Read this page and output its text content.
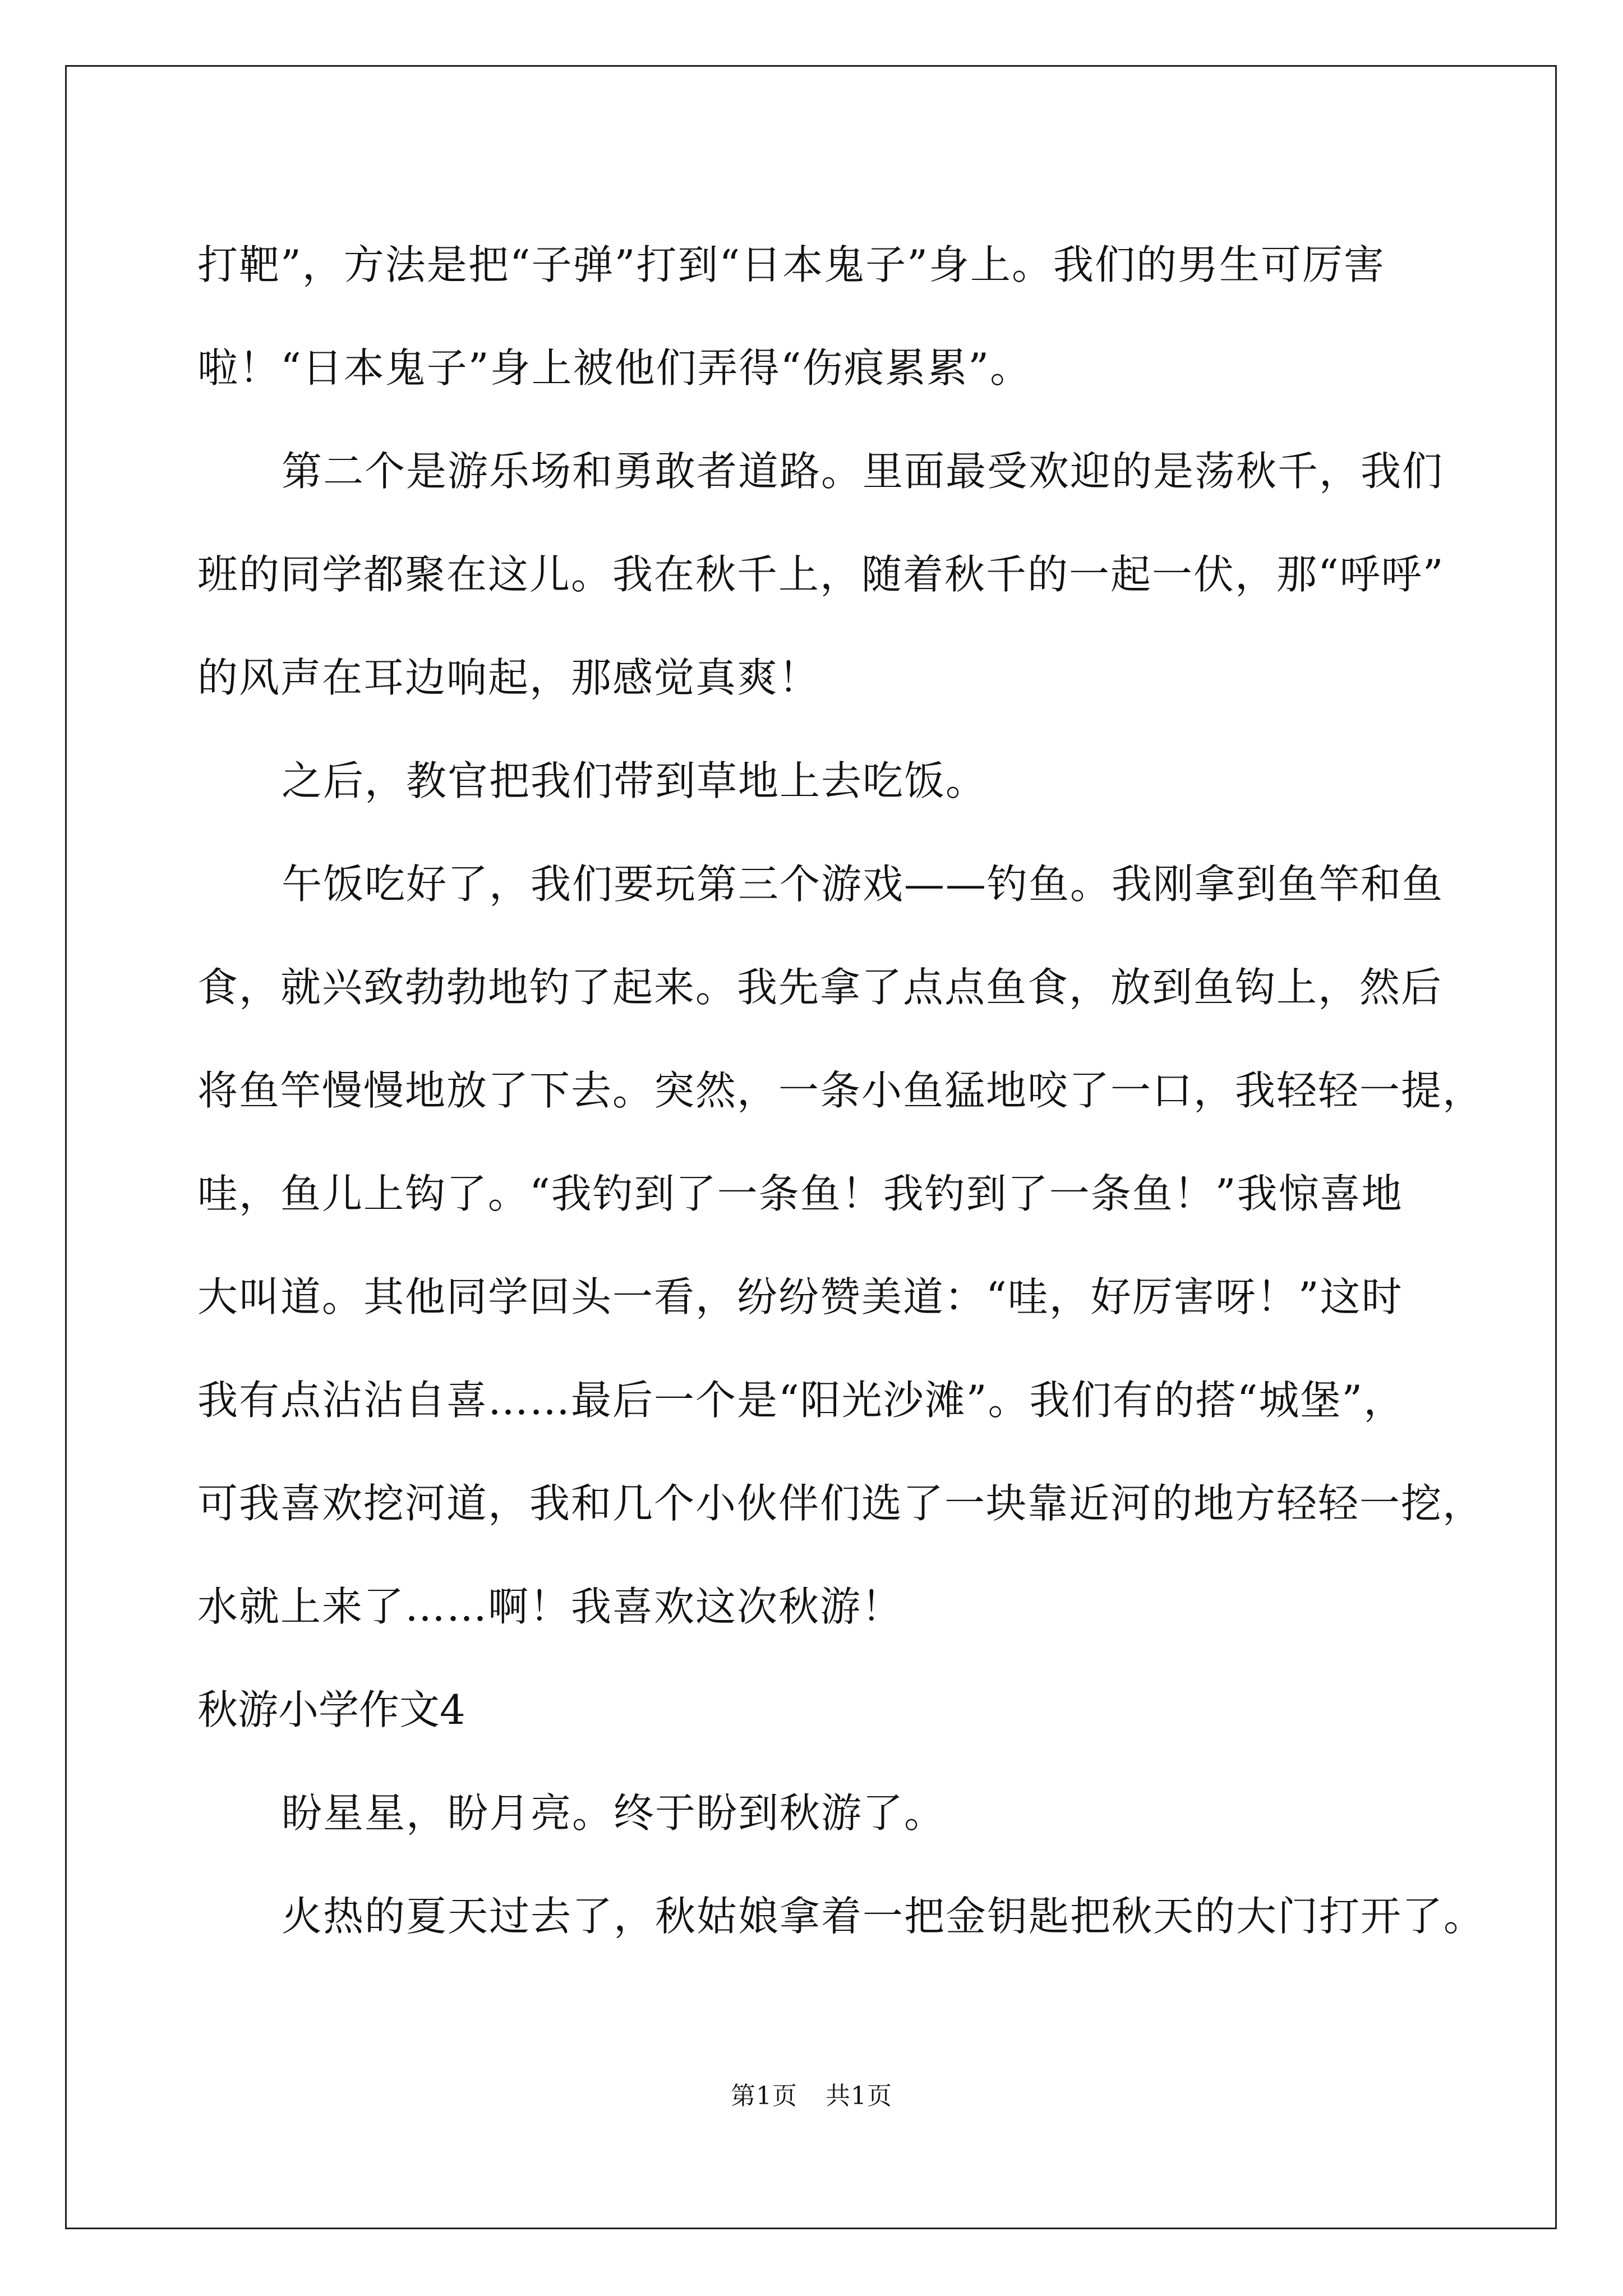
打靶”，方法是把“子弹”打到“日本鬼子”身上。我们的男生可厉害
啦！“日本鬼子”身上被他们弄得“伤痕累累”。
第二个是游乐场和勇敢者道路。里面最受欢迎的是荡秋千，我们
班的同学都聚在这儿。我在秋千上，随着秋千的一起一伏，那“呼呼”
的风声在耳边响起，那感觉真爽！
之后，教官把我们带到草地上去吃饭。
午饭吃好了，我们要玩第三个游戏——钓鱼。我刚拿到鱼竿和鱼
食，就兴致勃勃地钓了起来。我先拿了点点鱼食，放到鱼钩上，然后
将鱼竿慢慢地放了下去。突然，一条小鱼猛地咬了一口，我轻轻一提，
哇，鱼儿上钩了。“我钓到了一条鱼！我钓到了一条鱼！”我惊喜地
大叫道。其他同学回头一看，纷纷赞美道：“哇，好厉害呀！”这时
我有点沾沾自喜……最后一个是“阳光沙滩”。我们有的搭“城堡”，
可我喜欢挖河道，我和几个小伙伴们选了一块靠近河的地方轻轻一挖，
水就上来了……啊！我喜欢这次秋游！
秋游小学作文4
盼星星，盼月亮。终于盼到秋游了。
火热的夏天过去了，秋姑娘拿着一把金钥匙把秋天的大门打开了。
第1页 共1页
